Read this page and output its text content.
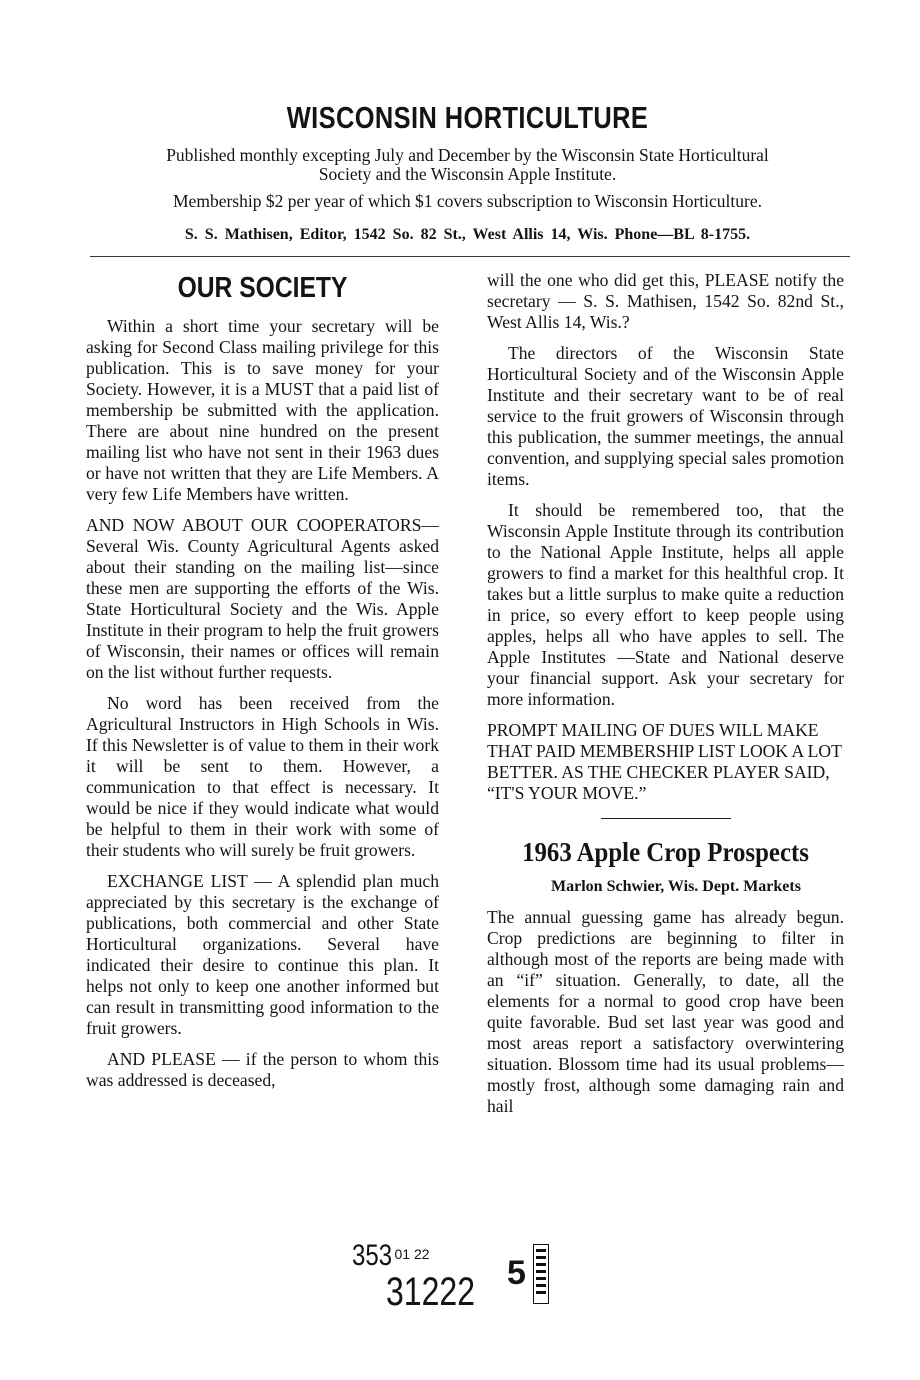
WISCONSIN HORTICULTURE

Published monthly excepting July and December by the Wisconsin State Horticultural

Society and the Wisconsin Apple Institute.

Membership $2 per year of which $1 covers subscription to Wisconsin Horticulture.

S. S. Mathisen, Editor, 1542 So. 82 St., West Allis 14, Wis. Phone—BL 8-1755.

OUR SOCIETY

Within a short time your secretary will be asking for Second Class mailing privilege for this publication. This is to save money for your Society. However, it is a MUST that a paid list of membership be submitted with the application. There are about nine hundred on the present mailing list who have not sent in their 1963 dues or have not written that they are Life Members. A very few Life Members have written.

AND NOW ABOUT OUR COOPERATORS—Several Wis. County Agricultural Agents asked about their standing on the mailing list—since these men are supporting the efforts of the Wis. State Horticultural Society and the Wis. Apple Institute in their program to help the fruit growers of Wisconsin, their names or offices will remain on the list without further requests.

No word has been received from the Agricultural Instructors in High Schools in Wis. If this Newsletter is of value to them in their work it will be sent to them. However, a communication to that effect is necessary. It would be nice if they would indicate what would be helpful to them in their work with some of their students who will surely be fruit growers.

EXCHANGE LIST — A splendid plan much appreciated by this secretary is the exchange of publications, both commercial and other State Horticultural organizations. Several have indicated their desire to continue this plan. It helps not only to keep one another informed but can result in transmitting good information to the fruit growers.

AND PLEASE — if the person to whom this was addressed is deceased,

will the one who did get this, PLEASE notify the secretary — S. S. Mathisen, 1542 So. 82nd St., West Allis 14, Wis.?

The directors of the Wisconsin State Horticultural Society and of the Wisconsin Apple Institute and their secretary want to be of real service to the fruit growers of Wisconsin through this publication, the summer meetings, the annual convention, and supplying special sales promotion items.

It should be remembered too, that the Wisconsin Apple Institute through its contribution to the National Apple Institute, helps all apple growers to find a market for this healthful crop. It takes but a little surplus to make quite a reduction in price, so every effort to keep people using apples, helps all who have apples to sell. The Apple Institutes —State and National deserve your financial support. Ask your secretary for more information.

PROMPT MAILING OF DUES WILL MAKE THAT PAID MEMBERSHIP LIST LOOK A LOT BETTER. AS THE CHECKER PLAYER SAID, “IT'S YOUR MOVE.”

1963 Apple Crop Prospects

Marlon Schwier, Wis. Dept. Markets

The annual guessing game has already begun. Crop predictions are beginning to filter in although most of the reports are being made with an “if” situation. Generally, to date, all the elements for a normal to good crop have been quite favorable. Bud set last year was good and most areas report a satisfactory overwintering situation. Blossom time had its usual problems—mostly frost, although some damaging rain and hail

353 01 22
31222 5
